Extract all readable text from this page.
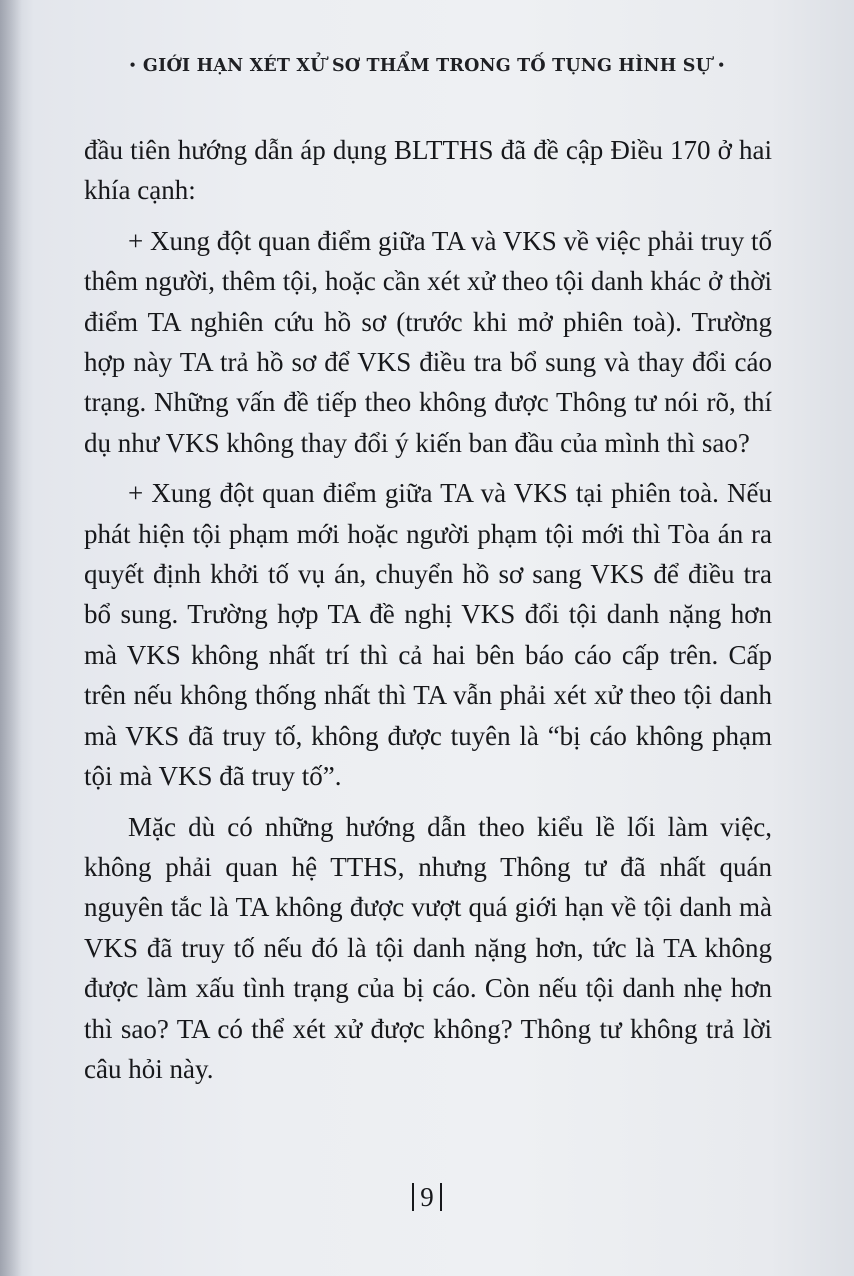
• GIỚI HẠN XÉT XỬ SƠ THẨM TRONG TỐ TỤNG HÌNH SỰ •

đầu tiên hướng dẫn áp dụng BLTTHS đã đề cập Điều 170 ở hai khía cạnh:

+ Xung đột quan điểm giữa TA và VKS về việc phải truy tố thêm người, thêm tội, hoặc cần xét xử theo tội danh khác ở thời điểm TA nghiên cứu hồ sơ (trước khi mở phiên toà). Trường hợp này TA trả hồ sơ để VKS điều tra bổ sung và thay đổi cáo trạng. Những vấn đề tiếp theo không được Thông tư nói rõ, thí dụ như VKS không thay đổi ý kiến ban đầu của mình thì sao?

+ Xung đột quan điểm giữa TA và VKS tại phiên toà. Nếu phát hiện tội phạm mới hoặc người phạm tội mới thì Tòa án ra quyết định khởi tố vụ án, chuyển hồ sơ sang VKS để điều tra bổ sung. Trường hợp TA đề nghị VKS đổi tội danh nặng hơn mà VKS không nhất trí thì cả hai bên báo cáo cấp trên. Cấp trên nếu không thống nhất thì TA vẫn phải xét xử theo tội danh mà VKS đã truy tố, không được tuyên là “bị cáo không phạm tội mà VKS đã truy tố”.

Mặc dù có những hướng dẫn theo kiểu lề lối làm việc, không phải quan hệ TTHS, nhưng Thông tư đã nhất quán nguyên tắc là TA không được vượt quá giới hạn về tội danh mà VKS đã truy tố nếu đó là tội danh nặng hơn, tức là TA không được làm xấu tình trạng của bị cáo. Còn nếu tội danh nhẹ hơn thì sao? TA có thể xét xử được không? Thông tư không trả lời câu hỏi này.

9
